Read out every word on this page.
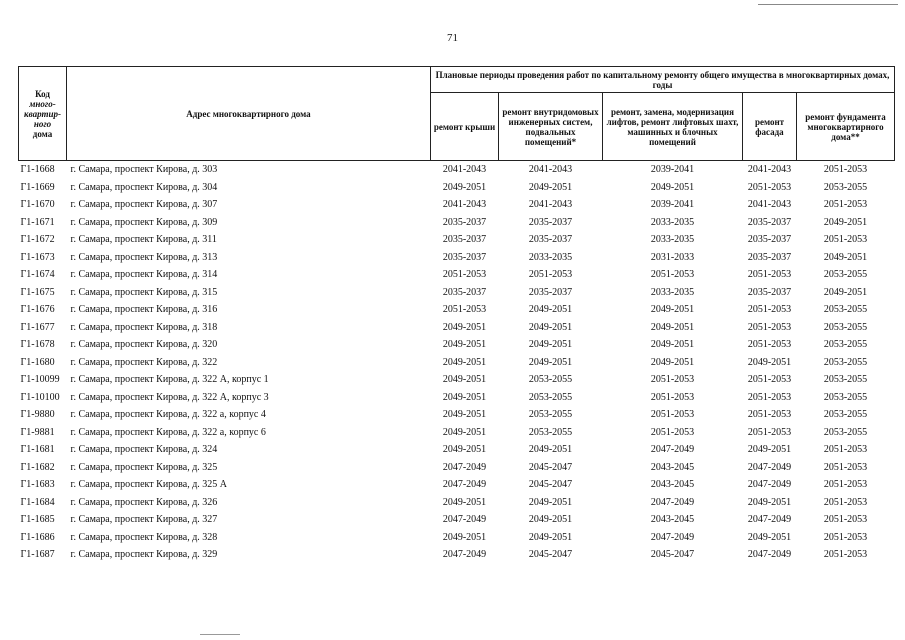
71
Код
много-квартир-ного
дома	Адрес многоквартирного дома	Плановые периоды проведения работ по капитальному ремонту общего имущества в многоквартирных домах, годы				
		ремонт крыши	ремонт внутридомовых инженерных систем, подвальных помещений*	ремонт, замена, модернизация лифтов, ремонт лифтовых шахт, машинных и блочных помещений	ремонт фасада	ремонт фундамента многоквартирного дома**
Г1-1668	г. Самара, проспект Кирова, д. 303	2041-2043	2041-2043	2039-2041	2041-2043	2051-2053
Г1-1669	г. Самара, проспект Кирова, д. 304	2049-2051	2049-2051	2049-2051	2051-2053	2053-2055
Г1-1670	г. Самара, проспект Кирова, д. 307	2041-2043	2041-2043	2039-2041	2041-2043	2051-2053
Г1-1671	г. Самара, проспект Кирова, д. 309	2035-2037	2035-2037	2033-2035	2035-2037	2049-2051
Г1-1672	г. Самара, проспект Кирова, д. 311	2035-2037	2035-2037	2033-2035	2035-2037	2051-2053
Г1-1673	г. Самара, проспект Кирова, д. 313	2035-2037	2033-2035	2031-2033	2035-2037	2049-2051
Г1-1674	г. Самара, проспект Кирова, д. 314	2051-2053	2051-2053	2051-2053	2051-2053	2053-2055
Г1-1675	г. Самара, проспект Кирова, д. 315	2035-2037	2035-2037	2033-2035	2035-2037	2049-2051
Г1-1676	г. Самара, проспект Кирова, д. 316	2051-2053	2049-2051	2049-2051	2051-2053	2053-2055
Г1-1677	г. Самара, проспект Кирова, д. 318	2049-2051	2049-2051	2049-2051	2051-2053	2053-2055
Г1-1678	г. Самара, проспект Кирова, д. 320	2049-2051	2049-2051	2049-2051	2051-2053	2053-2055
Г1-1680	г. Самара, проспект Кирова, д. 322	2049-2051	2049-2051	2049-2051	2049-2051	2053-2055
Г1-10099	г. Самара, проспект Кирова, д. 322 А, корпус 1	2049-2051	2053-2055	2051-2053	2051-2053	2053-2055
Г1-10100	г. Самара, проспект Кирова, д. 322 А, корпус 3	2049-2051	2053-2055	2051-2053	2051-2053	2053-2055
Г1-9880	г. Самара, проспект Кирова, д. 322 а, корпус 4	2049-2051	2053-2055	2051-2053	2051-2053	2053-2055
Г1-9881	г. Самара, проспект Кирова, д. 322 а, корпус 6	2049-2051	2053-2055	2051-2053	2051-2053	2053-2055
Г1-1681	г. Самара, проспект Кирова, д. 324	2049-2051	2049-2051	2047-2049	2049-2051	2051-2053
Г1-1682	г. Самара, проспект Кирова, д. 325	2047-2049	2045-2047	2043-2045	2047-2049	2051-2053
Г1-1683	г. Самара, проспект Кирова, д. 325 А	2047-2049	2045-2047	2043-2045	2047-2049	2051-2053
Г1-1684	г. Самара, проспект Кирова, д. 326	2049-2051	2049-2051	2047-2049	2049-2051	2051-2053
Г1-1685	г. Самара, проспект Кирова, д. 327	2047-2049	2049-2051	2043-2045	2047-2049	2051-2053
Г1-1686	г. Самара, проспект Кирова, д. 328	2049-2051	2049-2051	2047-2049	2049-2051	2051-2053
Г1-1687	г. Самара, проспект Кирова, д. 329	2047-2049	2045-2047	2045-2047	2047-2049	2051-2053
